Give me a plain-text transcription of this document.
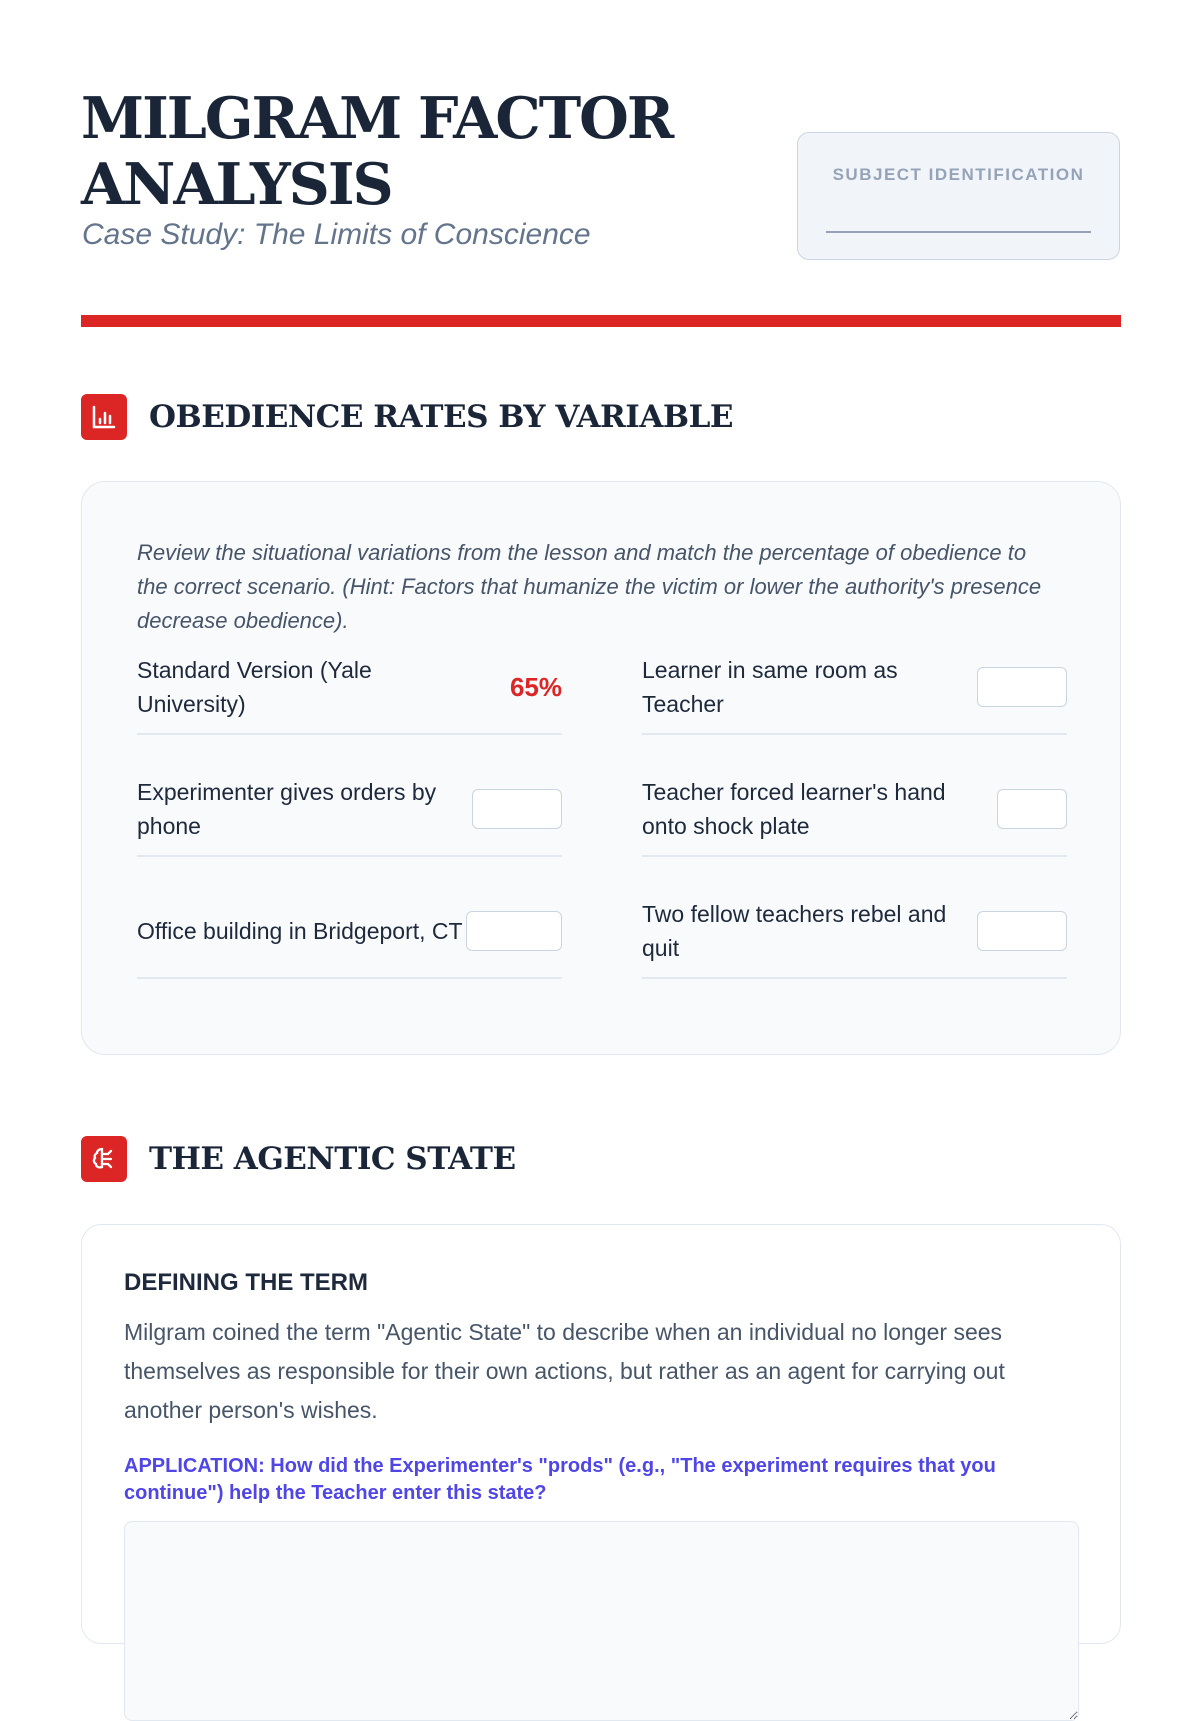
MILGRAM FACTOR ANALYSIS
Case Study: The Limits of Conscience
SUBJECT IDENTIFICATION
OBEDIENCE RATES BY VARIABLE
Review the situational variations from the lesson and match the percentage of obedience to the correct scenario. (Hint: Factors that humanize the victim or lower the authority's presence decrease obedience).
Standard Version (Yale University)
65%
Learner in same room as Teacher
Experimenter gives orders by phone
Teacher forced learner's hand onto shock plate
Office building in Bridgeport, CT
Two fellow teachers rebel and quit
THE AGENTIC STATE
DEFINING THE TERM
Milgram coined the term "Agentic State" to describe when an individual no longer sees themselves as responsible for their own actions, but rather as an agent for carrying out another person's wishes.
APPLICATION: How did the Experimenter's "prods" (e.g., "The experiment requires that you continue") help the Teacher enter this state?
